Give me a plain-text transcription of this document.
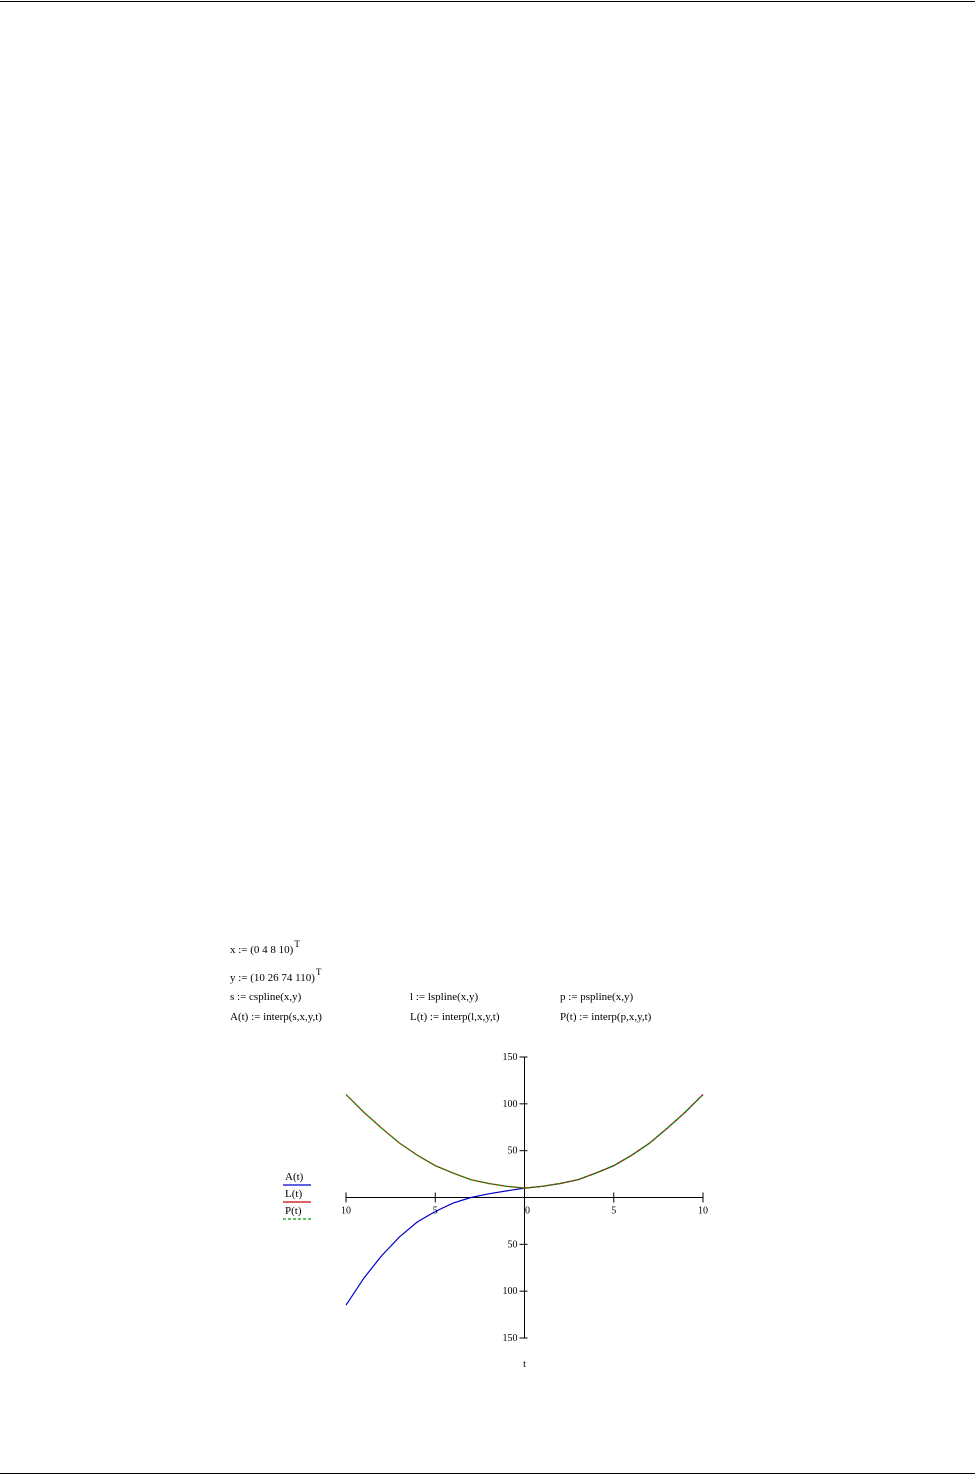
x := (0 4 8 10)$^T$
y := (10 26 74 110)$^T$
s := cspline(x,y)	l := lspline(x,y)	p := pspline(x,y)
A(t) := interp(s,x,y,t)	L(t) := interp(l,x,y,t)	P(t) := interp(p,x,y,t)
10	5	0	5	10
150
100
50
50
100
150
t
A(t)
L(t)
P(t)
